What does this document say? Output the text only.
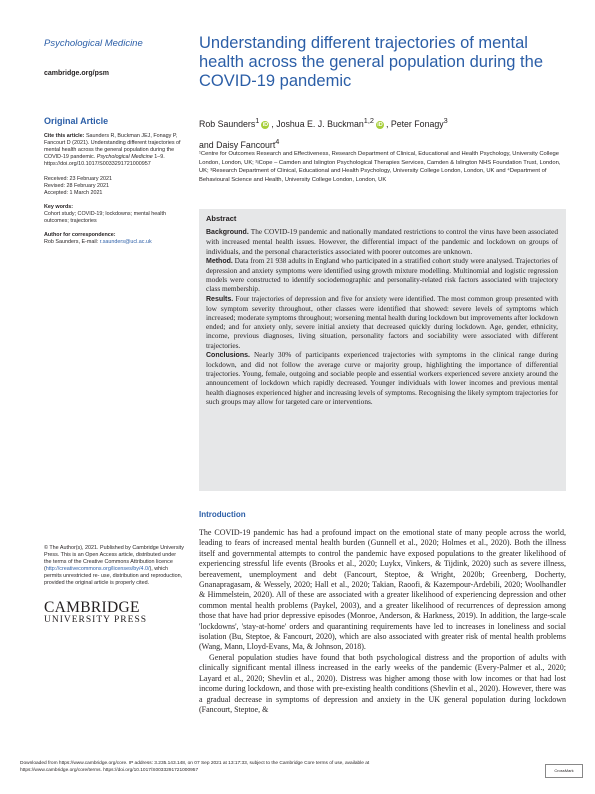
Psychological Medicine
cambridge.org/psm
Understanding different trajectories of mental health across the general population during the COVID-19 pandemic
Rob Saunders$^1$ iD , Joshua E. J. Buckman$^{1,2}$ iD , Peter Fonagy$^3$
and Daisy Fancourt$^4$
¹Centre for Outcomes Research and Effectiveness, Research Department of Clinical, Educational and Health Psychology, University College London, London, UK; ²iCope – Camden and Islington Psychological Therapies Services, Camden & Islington NHS Foundation Trust, London, UK; ³Research Department of Clinical, Educational and Health Psychology, University College London, London, UK and ⁴Department of Behavioural Science and Health, University College London, London, UK
Original Article
Cite this article: Saunders R, Buckman JEJ, Fonagy P, Fancourt D (2021). Understanding different trajectories of mental health across the general population during the COVID-19 pandemic. Psychological Medicine 1–9. https://doi.org/10.1017/S0033291721000957
Received: 23 February 2021
Revised: 28 February 2021
Accepted: 1 March 2021
Key words:
Cohort study; COVID-19; lockdowns; mental health outcomes; trajectories
Author for correspondence:
Rob Saunders, E-mail: r.saunders@ucl.ac.uk
Abstract

Background. The COVID-19 pandemic and nationally mandated restrictions to control the virus have been associated with increased mental health issues. However, the differential impact of the pandemic and lockdown on groups of individuals, and the personal characteristics associated with poorer outcomes are unknown.

Method. Data from 21 938 adults in England who participated in a stratified cohort study were analysed. Trajectories of depression and anxiety symptoms were identified using growth mixture modelling. Multinomial and logistic regression models were constructed to identify sociodemographic and personality-related risk factors associated with trajectory class membership.

Results. Four trajectories of depression and five for anxiety were identified. The most common group presented with low symptom severity throughout, other classes were identified that showed: severe levels of symptoms which increased; moderate symptoms throughout; worsening mental health during lockdown but improvements after lockdown ended; and for anxiety only, severe initial anxiety that decreased quickly during lockdown. Age, gender, ethnicity, income, previous diagnoses, living situation, personality factors and sociability were associated with different trajectories.

Conclusions. Nearly 30% of participants experienced trajectories with symptoms in the clinical range during lockdown, and did not follow the average curve or majority group, highlighting the importance of differential trajectories. Young, female, outgoing and sociable people and essential workers experienced severe anxiety around the announcement of lockdown which rapidly decreased. Younger individuals with lower incomes and previous mental health diagnoses experienced higher and increasing levels of symptoms. Recognising the likely symptom trajectories for such groups may allow for targeted care or interventions.

Introduction

The COVID-19 pandemic has had a profound impact on the emotional state of many people across the world, leading to fears of increased mental health burden (Gunnell et al., 2020; Holmes et al., 2020). Both the illness itself and governmental attempts to control the pandemic have exposed populations to the greater likelihood of experiencing stressful life events (Brooks et al., 2020; Luykx, Vinkers, & Tijdink, 2020) such as severe illness, bereavement, unemployment and debt (Fancourt, Steptoe, & Wright, 2020b; Greenberg, Docherty, Gnanapragasam, & Wessely, 2020; Hall et al., 2020; Takian, Raoofi, & Kazempour-Ardebili, 2020; Woolhandler & Himmelstein, 2020). All of these are associated with a greater likelihood of experiencing depression and other common mental health problems (Paykel, 2003), and a greater likelihood of recurrences of depression among those that have had prior depressive episodes (Monroe, Anderson, & Harkness, 2019). In addition, the large-scale 'lockdowns', 'stay-at-home' orders and quarantining requirements have led to increases in loneliness and social isolation (Bu, Steptoe, & Fancourt, 2020), which are also associated with greater risk of mental health problems (Wang, Mann, Lloyd-Evans, Ma, & Johnson, 2018).

General population studies have found that both psychological distress and the proportion of adults with clinically significant mental illness increased in the early weeks of the pandemic (Every-Palmer et al., 2020; Layard et al., 2020; Shevlin et al., 2020). Distress was higher among those with low incomes or that had lost income during lockdown, and those with pre-existing health conditions (Shevlin et al., 2020). However, there was a gradual decrease in symptoms of depression and anxiety in the UK general population during lockdown (Fancourt, Steptoe, &

© The Author(s), 2021. Published by Cambridge University Press. This is an Open Access article, distributed under the terms of the Creative Commons Attribution licence (http://creativecommons.org/licenses/by/4.0/), which permits unrestricted re- use, distribution and reproduction, provided the original article is properly cited.
CAMBRIDGE
UNIVERSITY PRESS
Downloaded from https://www.cambridge.org/core. IP address: 3.235.143.148, on 07 Sep 2021 at 13:17:33, subject to the Cambridge Core terms of use, available at
https://www.cambridge.org/core/terms. https://doi.org/10.1017/S0033291721000957	CrossMark
